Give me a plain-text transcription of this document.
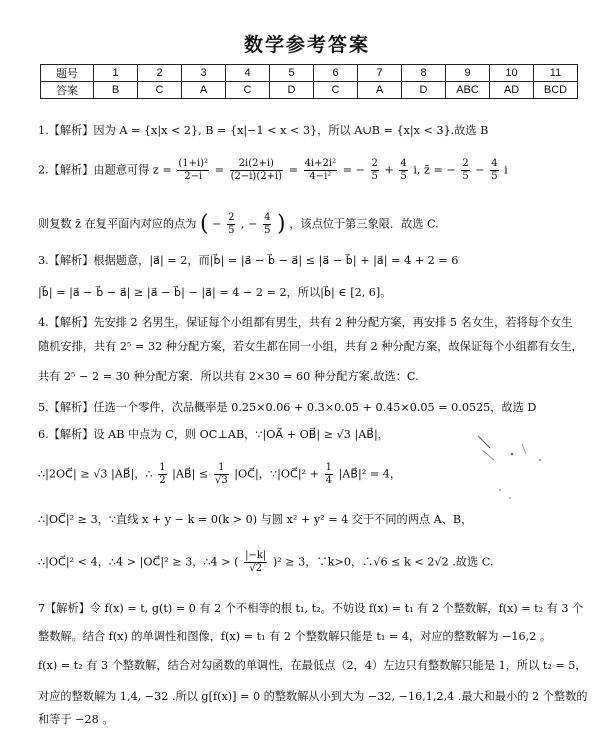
数学参考答案
题号	1	2	3	4	5	6	7	8	9	10	11
答案	B	C	A	C	D	C	A	D	ABC	AD	BCD
1.【解析】因为 A = {x|x < 2}, B = {x|−1 < x < 3}，所以 A∪B = {x|x < 3}.故选 B
2.【解析】由题意可得 $z = \frac{\text{(1+i)²}}{2-i} = \frac{2i(2+i)}{(2-i)(2+i)} = \frac{\text{4i+2i²}}{\text{4−i²}}$ = − $\frac{2}{5} + \frac{4}{5} i$, z̄ = − $\frac{2}{5} - \frac{4}{5}$ i
则复数 z̄ 在复平面内对应的点为 ( − $\frac{2}{5}$ , − $\frac{4}{5}$ ) ，该点位于第三象限．故选 C.
3.【解析】根据题意，|a⃗| = 2，而|b⃗| = |a⃗ − b⃗ − a⃗| ≤ |a⃗ − b⃗| + |a⃗| = 4 + 2 = 6
|b⃗| = |a⃗ − b⃗ − a⃗| ≥ |a⃗ − b⃗| − |a⃗| = 4 − 2 = 2，所以|b⃗| ∈ [2, 6]。
4.【解析】先安排 2 名男生，保证每个小组都有男生，共有 2 种分配方案，再安排 5 名女生，若将每个女生
随机安排，共有 2⁵ = 32 种分配方案，若女生都在同一小组，共有 2 种分配方案，故保证每个小组都有女生，
共有 2⁵ − 2 = 30 种分配方案．所以共有 2×30 = 60 种分配方案.故选：C.
5.【解析】任选一个零件，次品概率是 0.25×0.06 + 0.3×0.05 + 0.45×0.05 = 0.0525，故选 D
6.【解析】设 AB 中点为 C，则 OC⊥AB，∵|OA⃗ + OB⃗| ≥ √3 |AB⃗|，
∴|2OC⃗| ≥ √3 |AB⃗|，∴ $\frac{1}{2}$ |AB⃗| ≤ $\frac{1}{√3}$ |OC⃗|，∵|OC⃗|² + $\frac{1}{4}$ |AB⃗|² = 4，
∴|OC⃗|² ≥ 3，∵直线 x + y − k = 0(k > 0) 与圆 x² + y² = 4 交于不同的两点 A、B，
∴|OC⃗|² < 4，∴4 > |OC⃗|² ≥ 3，∴4 > ( $\frac{|-k|}{√2} )^2 \ge 3$，∵k>0，∴√6 ≤ k < 2√2 .故选 C.
7【解析】令 f(x) = t, g(t) = 0 有 2 个不相等的根 t₁, t₂。不妨设 f(x) = t₁ 有 2 个整数解，f(x) = t₂ 有 3 个
整数解。结合 f(x) 的单调性和图像，f(x) = t₁ 有 2 个整数解只能是 t₁ = 4，对应的整数解为 −16,2 。
f(x) = t₂ 有 3 个整数解，结合对勾函数的单调性，在最低点（2，4）左边只有整数解只能是 1，所以 t₂ = 5，
对应的整数解为 1,4, −32 .所以 g[f(x)] = 0 的整数解从小到大为 −32, −16,1,2,4 .最大和最小的 2 个整数的
和等于 −28 。
